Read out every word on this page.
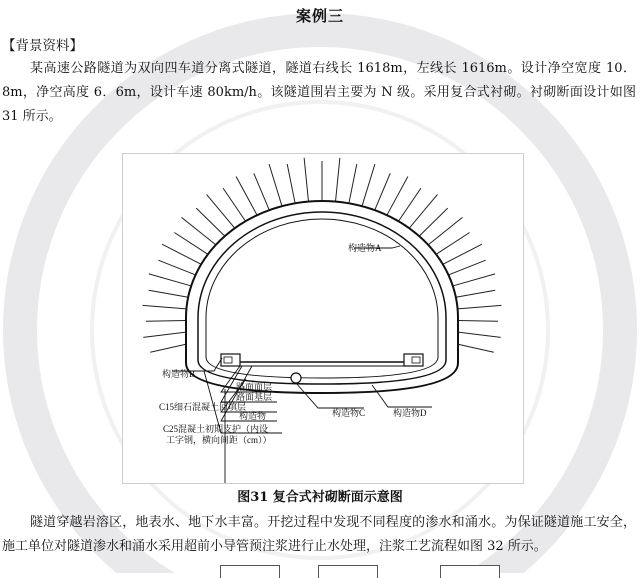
案例三
【背景资料】

某高速公路隧道为双向四车道分离式隧道，隧道右线长 1618m，左线长 1616m。设计净空宽度 10．8m，净空高度 6．6m，设计车速 80km/h。该隧道围岩主要为 N 级。采用复合式衬砌。衬砌断面设计如图 31 所示。

构造物A
构造物B
构造物C	构造物D
路面面层
路面基层
C15细石混凝土回填层
构造物
C25混凝土初期支护（内设
工字钢，横向间距（cm））
图31 复合式衬砌断面示意图

隧道穿越岩溶区，地表水、地下水丰富。开挖过程中发现不同程度的渗水和涌水。为保证隧道施工安全，施工单位对隧道渗水和涌水采用超前小导管预注浆进行止水处理，注浆工艺流程如图 32 所示。
